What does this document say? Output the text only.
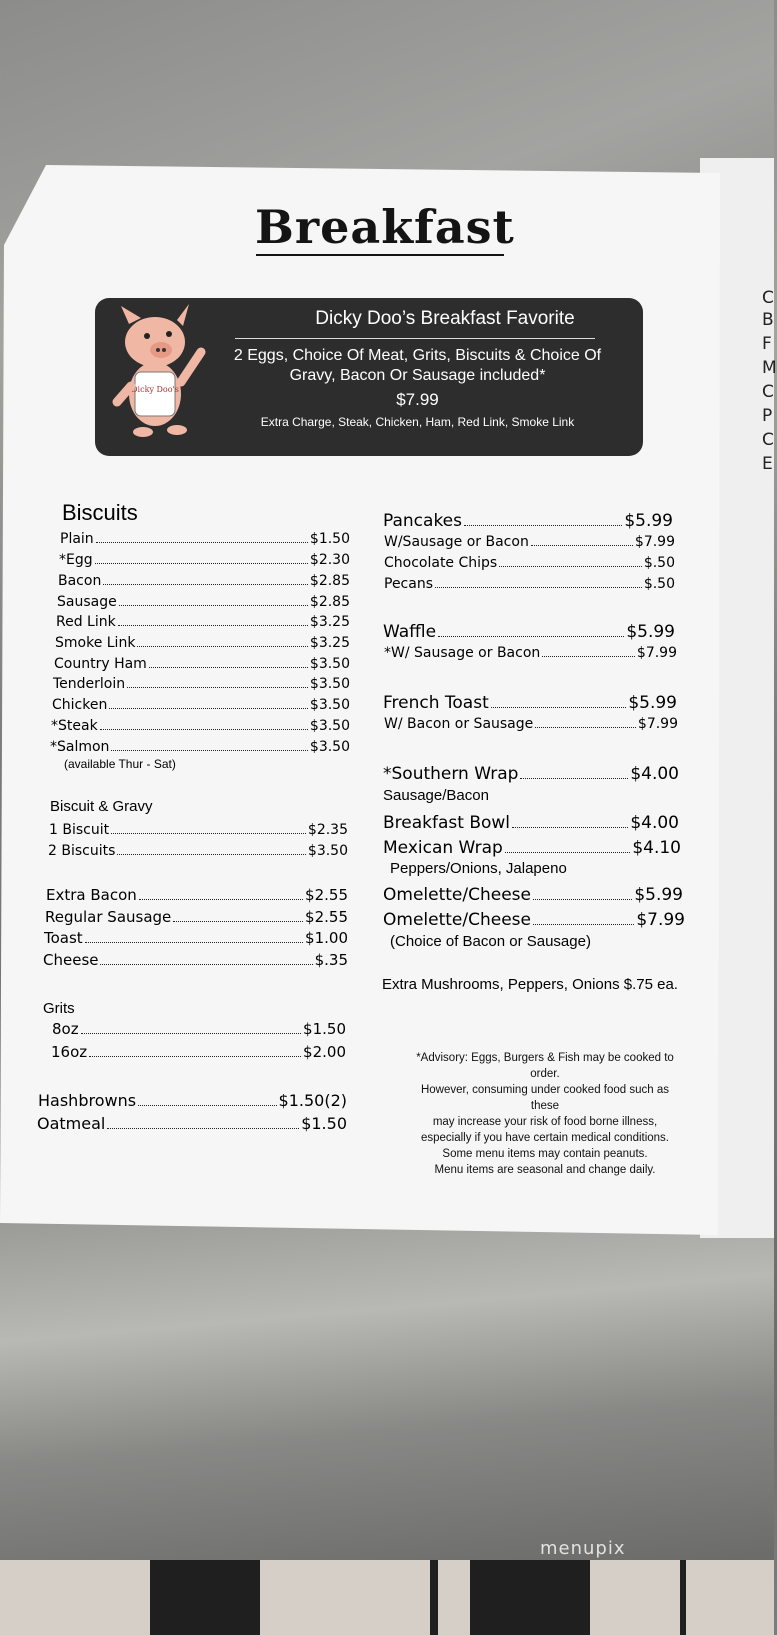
C
B
F
M
C
P
C
E
Breakfast
Dicky Doo's
Dicky Doo’s Breakfast Favorite
2 Eggs, Choice Of Meat, Grits, Biscuits & Choice Of Gravy, Bacon Or Sausage included*
$7.99
Extra Charge, Steak, Chicken, Ham, Red Link, Smoke Link
Biscuits
Plain	$1.50
*Egg	$2.30
Bacon	$2.85
Sausage	$2.85
Red Link	$3.25
Smoke Link	$3.25
Country Ham	$3.50
Tenderloin	$3.50
Chicken	$3.50
*Steak	$3.50
*Salmon	$3.50
1 Biscuit	$2.35
2 Biscuits	$3.50
Extra Bacon	$2.55
Regular Sausage	$2.55
Toast	$1.00
Cheese	$.35
8oz	$1.50
16oz	$2.00
Hashbrowns	$1.50(2)
Oatmeal	$1.50
(available Thur - Sat)
Biscuit & Gravy
Grits
Pancakes	$5.99
W/Sausage or Bacon	$7.99
Chocolate Chips	$.50
Pecans	$.50
Waffle	$5.99
*W/ Sausage or Bacon	$7.99
French Toast	$5.99
W/ Bacon or Sausage	$7.99
*Southern Wrap	$4.00
Breakfast Bowl	$4.00
Mexican Wrap	$4.10
Omelette/Cheese	$5.99
Omelette/Cheese	$7.99
Sausage/Bacon
Peppers/Onions, Jalapeno
(Choice of Bacon or Sausage)
Extra Mushrooms, Peppers, Onions $.75 ea.
*Advisory: Eggs, Burgers & Fish may be cooked to order.
However, consuming under cooked food such as these
may increase your risk of food borne illness,
especially if you have certain medical conditions.
Some menu items may contain peanuts.
Menu items are seasonal and change daily.
menupix
